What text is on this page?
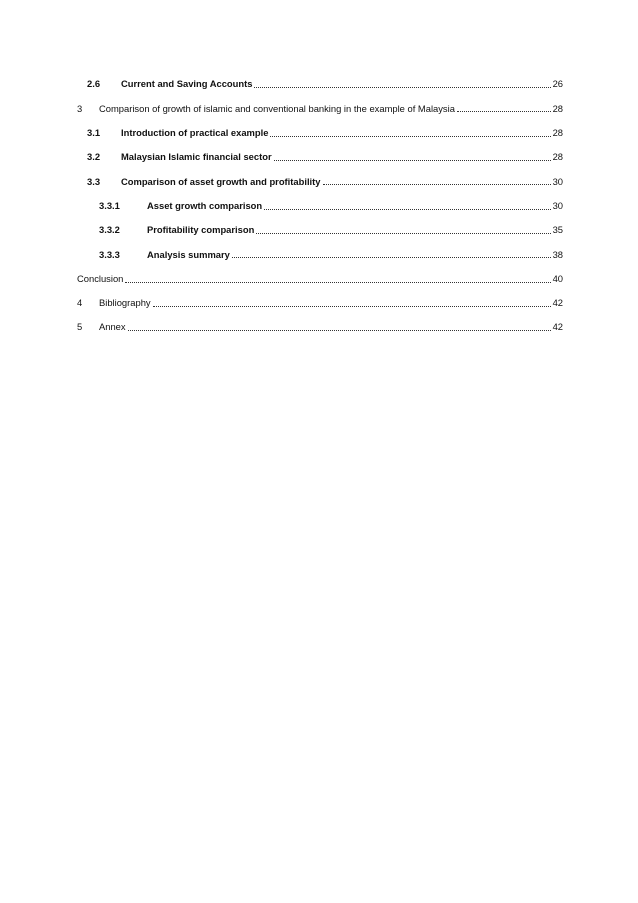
2.6	Current and Saving Accounts	26
3	Comparison of growth of islamic and conventional banking in the example of Malaysia	28
3.1	Introduction of practical example	28
3.2	Malaysian Islamic financial sector	28
3.3	Comparison of asset growth and profitability	30
3.3.1	Asset growth comparison	30
3.3.2	Profitability comparison	35
3.3.3	Analysis summary	38
Conclusion	40
4	Bibliography	42
5	Annex	42
